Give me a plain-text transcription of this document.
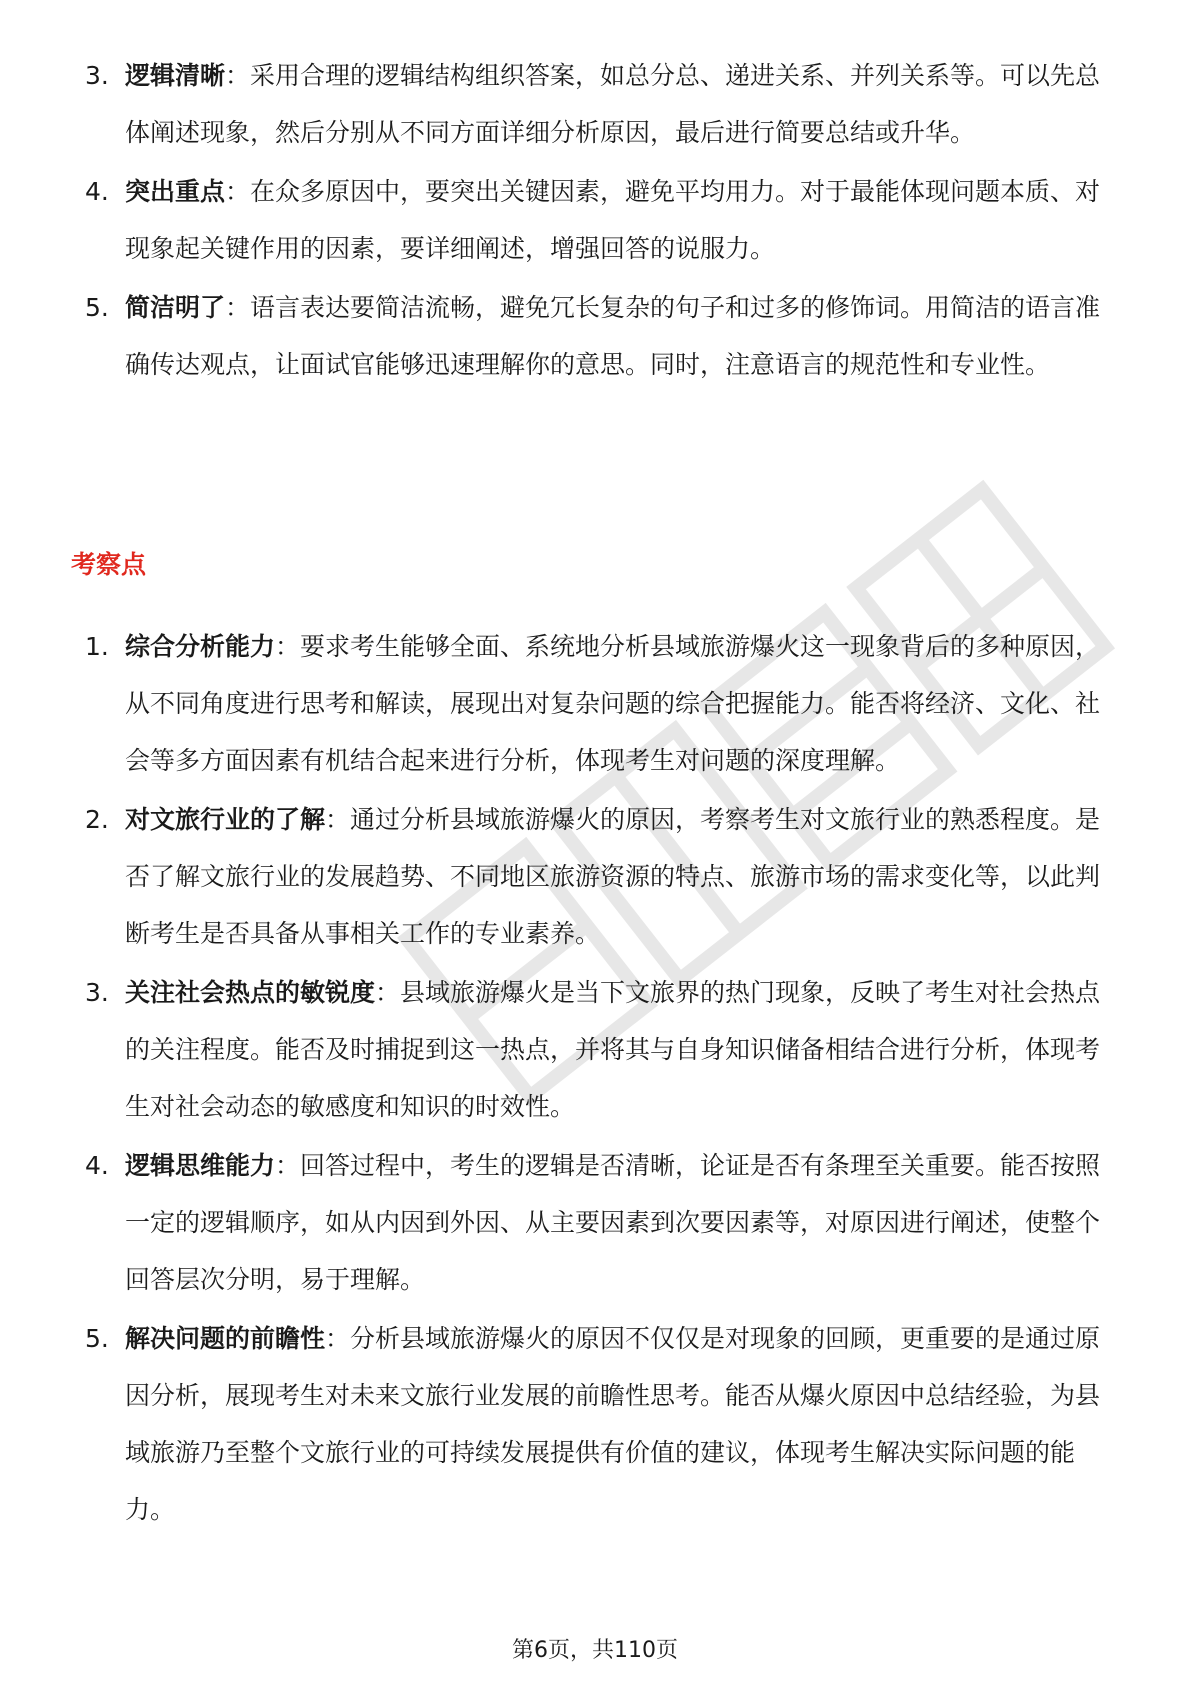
3. 逻辑清晰：采用合理的逻辑结构组织答案，如总分总、递进关系、并列关系等。可以先总体阐述现象，然后分别从不同方面详细分析原因，最后进行简要总结或升华。
4. 突出重点：在众多原因中，要突出关键因素，避免平均用力。对于最能体现问题本质、对现象起关键作用的因素，要详细阐述，增强回答的说服力。
5. 简洁明了：语言表达要简洁流畅，避免冗长复杂的句子和过多的修饰词。用简洁的语言准确传达观点，让面试官能够迅速理解你的意思。同时，注意语言的规范性和专业性。
考察点
1. 综合分析能力：要求考生能够全面、系统地分析县域旅游爆火这一现象背后的多种原因，从不同角度进行思考和解读，展现出对复杂问题的综合把握能力。能否将经济、文化、社会等多方面因素有机结合起来进行分析，体现考生对问题的深度理解。
2. 对文旅行业的了解：通过分析县域旅游爆火的原因，考察考生对文旅行业的熟悉程度。是否了解文旅行业的发展趋势、不同地区旅游资源的特点、旅游市场的需求变化等，以此判断考生是否具备从事相关工作的专业素养。
3. 关注社会热点的敏锐度：县域旅游爆火是当下文旅界的热门现象，反映了考生对社会热点的关注程度。能否及时捕捉到这一热点，并将其与自身知识储备相结合进行分析，体现考生对社会动态的敏感度和知识的时效性。
4. 逻辑思维能力：回答过程中，考生的逻辑是否清晰，论证是否有条理至关重要。能否按照一定的逻辑顺序，如从内因到外因、从主要因素到次要因素等，对原因进行阐述，使整个回答层次分明，易于理解。
5. 解决问题的前瞻性：分析县域旅游爆火的原因不仅仅是对现象的回顾，更重要的是通过原因分析，展现考生对未来文旅行业发展的前瞻性思考。能否从爆火原因中总结经验，为县域旅游乃至整个文旅行业的可持续发展提供有价值的建议，体现考生解决实际问题的能力。
第6页，共110页
